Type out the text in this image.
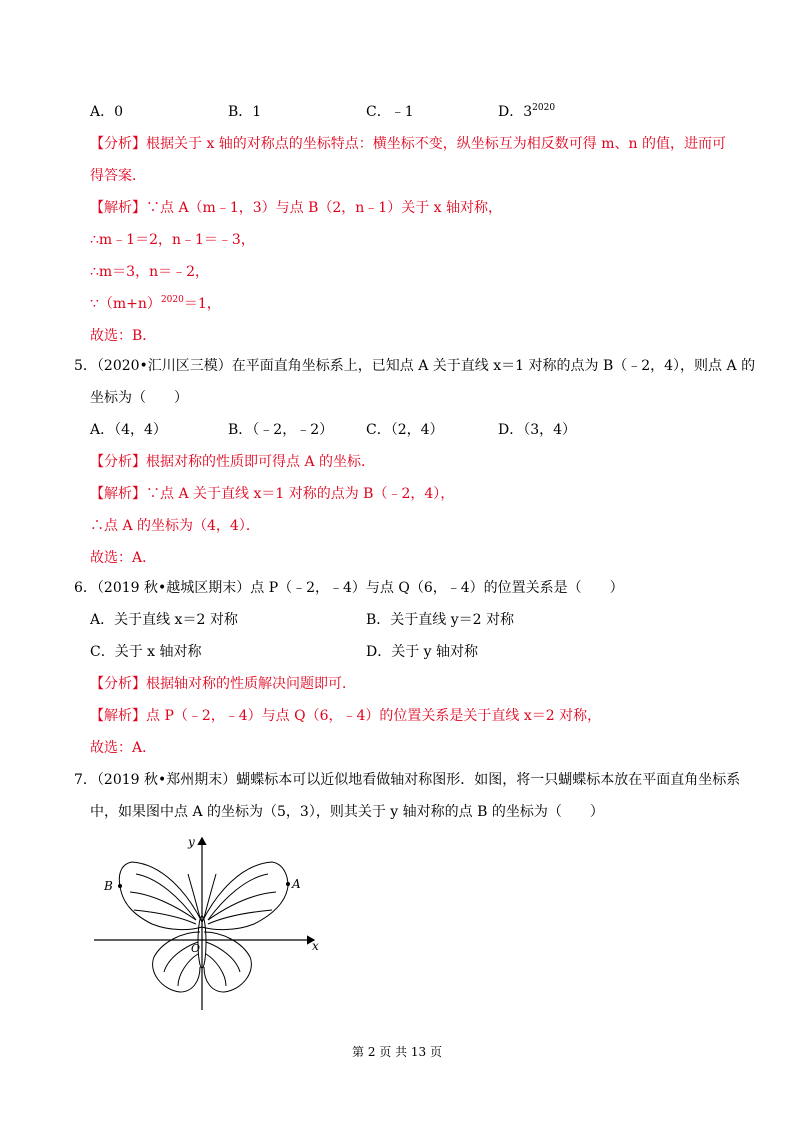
A．0	B．1	C．﹣1	D．$3^{2020}$
【分析】根据关于 x 轴的对称点的坐标特点：横坐标不变，纵坐标互为相反数可得 m、n 的值，进而可
得答案．
【解析】∵点 A（m﹣1，3）与点 B（2，n﹣1）关于 x 轴对称，
∴m﹣1＝2，n﹣1＝﹣3，
∴m＝3，n＝﹣2，
$\because(m+n)^{2020}=1$，
故选：B．
5．（2020•汇川区三模）在平面直角坐标系上，已知点 A 关于直线 x＝1 对称的点为 B（﹣2，4），则点 A 的
坐标为（　　）
A．（4，4）	B．（﹣2，﹣2） C．（2，4）	D．（3，4）
【分析】根据对称的性质即可得点 A 的坐标．
【解析】∵点 A 关于直线 x＝1 对称的点为 B（﹣2，4），
∴点 A 的坐标为（4，4）．
故选：A．
6．（2019 秋•越城区期末）点 P（﹣2，﹣4）与点 Q（6，﹣4）的位置关系是（　　）
A．关于直线 x＝2 对称	B．关于直线 y＝2 对称
C．关于 x 轴对称	D．关于 y 轴对称
【分析】根据轴对称的性质解决问题即可．
【解析】点 P（﹣2，﹣4）与点 Q（6，﹣4）的位置关系是关于直线 x＝2 对称，
故选：A．
7．（2019 秋•郑州期末）蝴蝶标本可以近似地看做轴对称图形．如图，将一只蝴蝶标本放在平面直角坐标系
中，如果图中点 A 的坐标为（5，3），则其关于 y 轴对称的点 B 的坐标为（　　）
y
x
O
A
B
第 2 页 共 13 页
